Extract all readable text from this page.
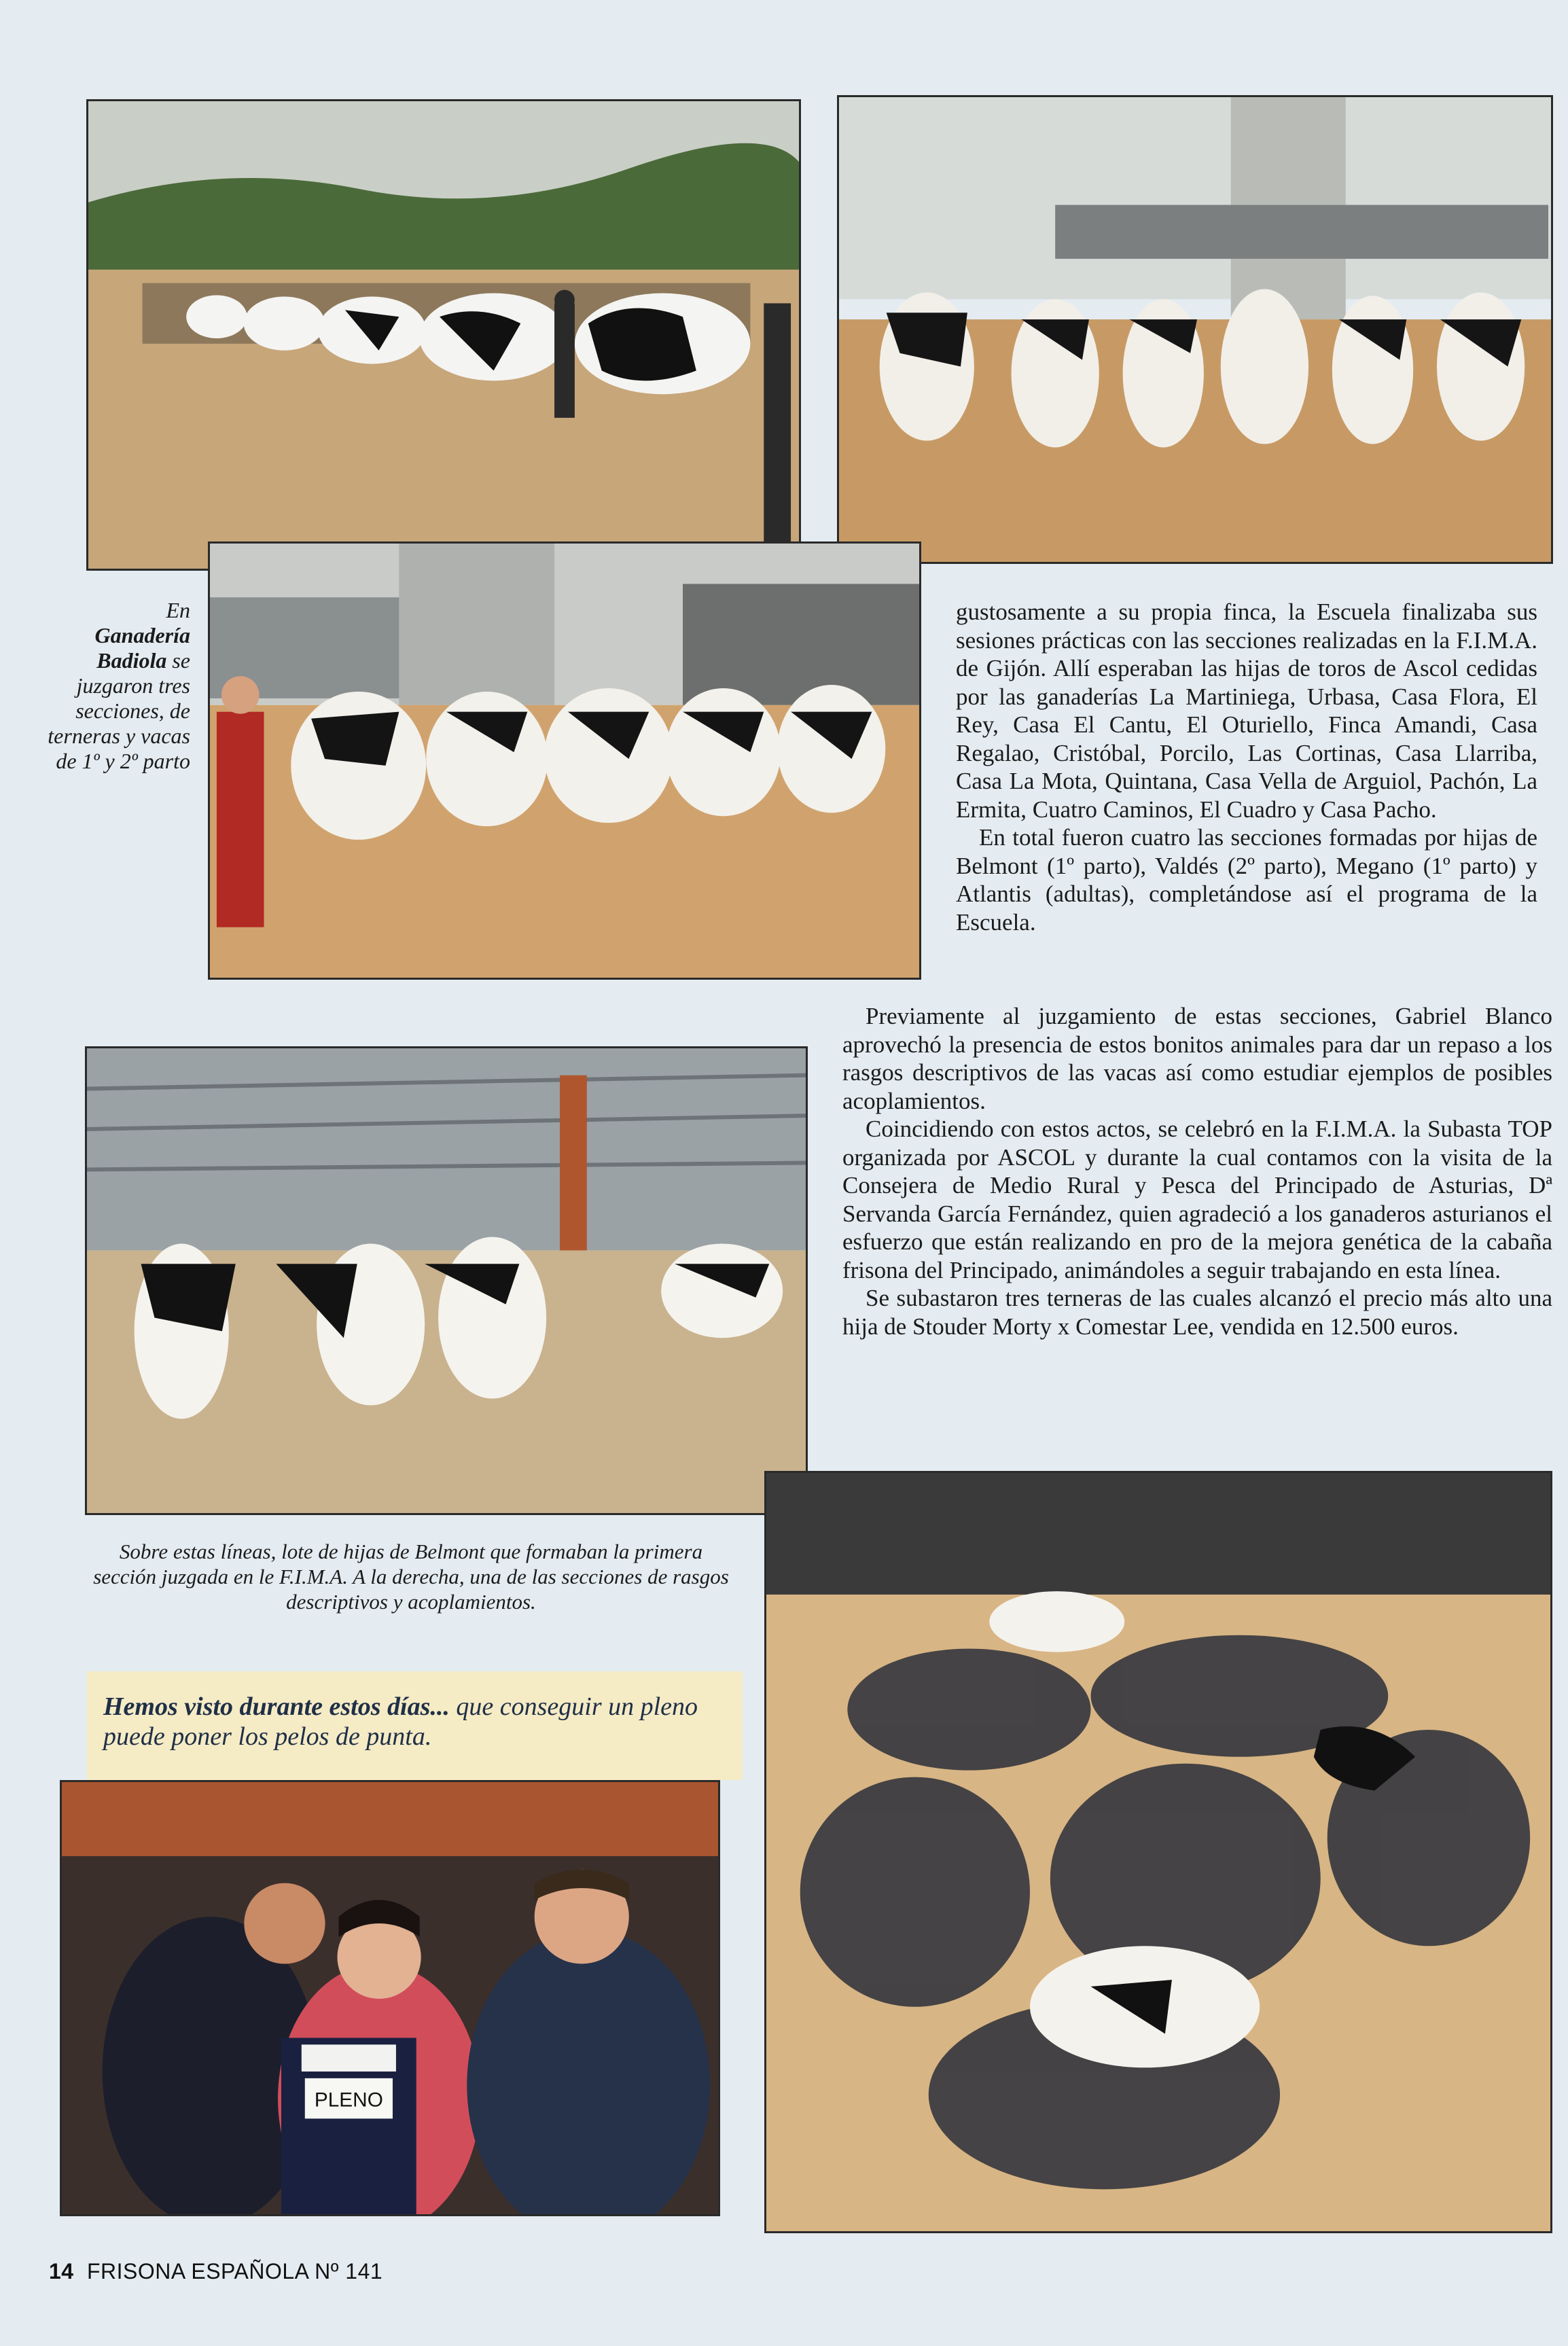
En
Ganadería Badiola se juzgaron tres secciones, de terneras y vacas de 1º y 2º parto

gustosamente a su propia finca, la Escuela finalizaba sus sesiones prácticas con las secciones realizadas en la F.I.M.A. de Gijón. Allí esperaban las hijas de toros de Ascol cedidas por las ganaderías La Martiniega, Urbasa, Casa Flora, El Rey, Casa El Cantu, El Oturiello, Finca Amandi, Casa Regalao, Cristóbal, Porcilo, Las Cortinas, Casa Llarriba, Casa La Mota, Quintana, Casa Vella de Arguiol, Pachón, La Ermita, Cuatro Caminos, El Cuadro y Casa Pacho.

En total fueron cuatro las secciones formadas por hijas de Belmont (1º parto), Valdés (2º parto), Megano (1º parto) y Atlantis (adultas), completándose así el programa de la Escuela.

Previamente al juzgamiento de estas secciones, Gabriel Blanco aprovechó la presencia de estos bonitos animales para dar un repaso a los rasgos descriptivos de las vacas así como estudiar ejemplos de posibles acoplamientos.

Coincidiendo con estos actos, se celebró en la F.I.M.A. la Subasta TOP organizada por ASCOL y durante la cual contamos con la visita de la Consejera de Medio Rural y Pesca del Principado de Asturias, Dª Servanda García Fernández, quien agradeció a los ganaderos asturianos el esfuerzo que están realizando en pro de la mejora genética de la cabaña frisona del Principado, animándoles a seguir trabajando en esta línea.

Se subastaron tres terneras de las cuales alcanzó el precio más alto una hija de Stouder Morty x Comestar Lee, vendida en 12.500 euros.

Sobre estas líneas, lote de hijas de Belmont que formaban la primera sección juzgada en le F.I.M.A. A la derecha, una de las secciones de rasgos descriptivos y acoplamientos.
Hemos visto durante estos días... que conseguir un pleno puede poner los pelos de punta.
PLENO
14 FRISONA ESPAÑOLA Nº 141
